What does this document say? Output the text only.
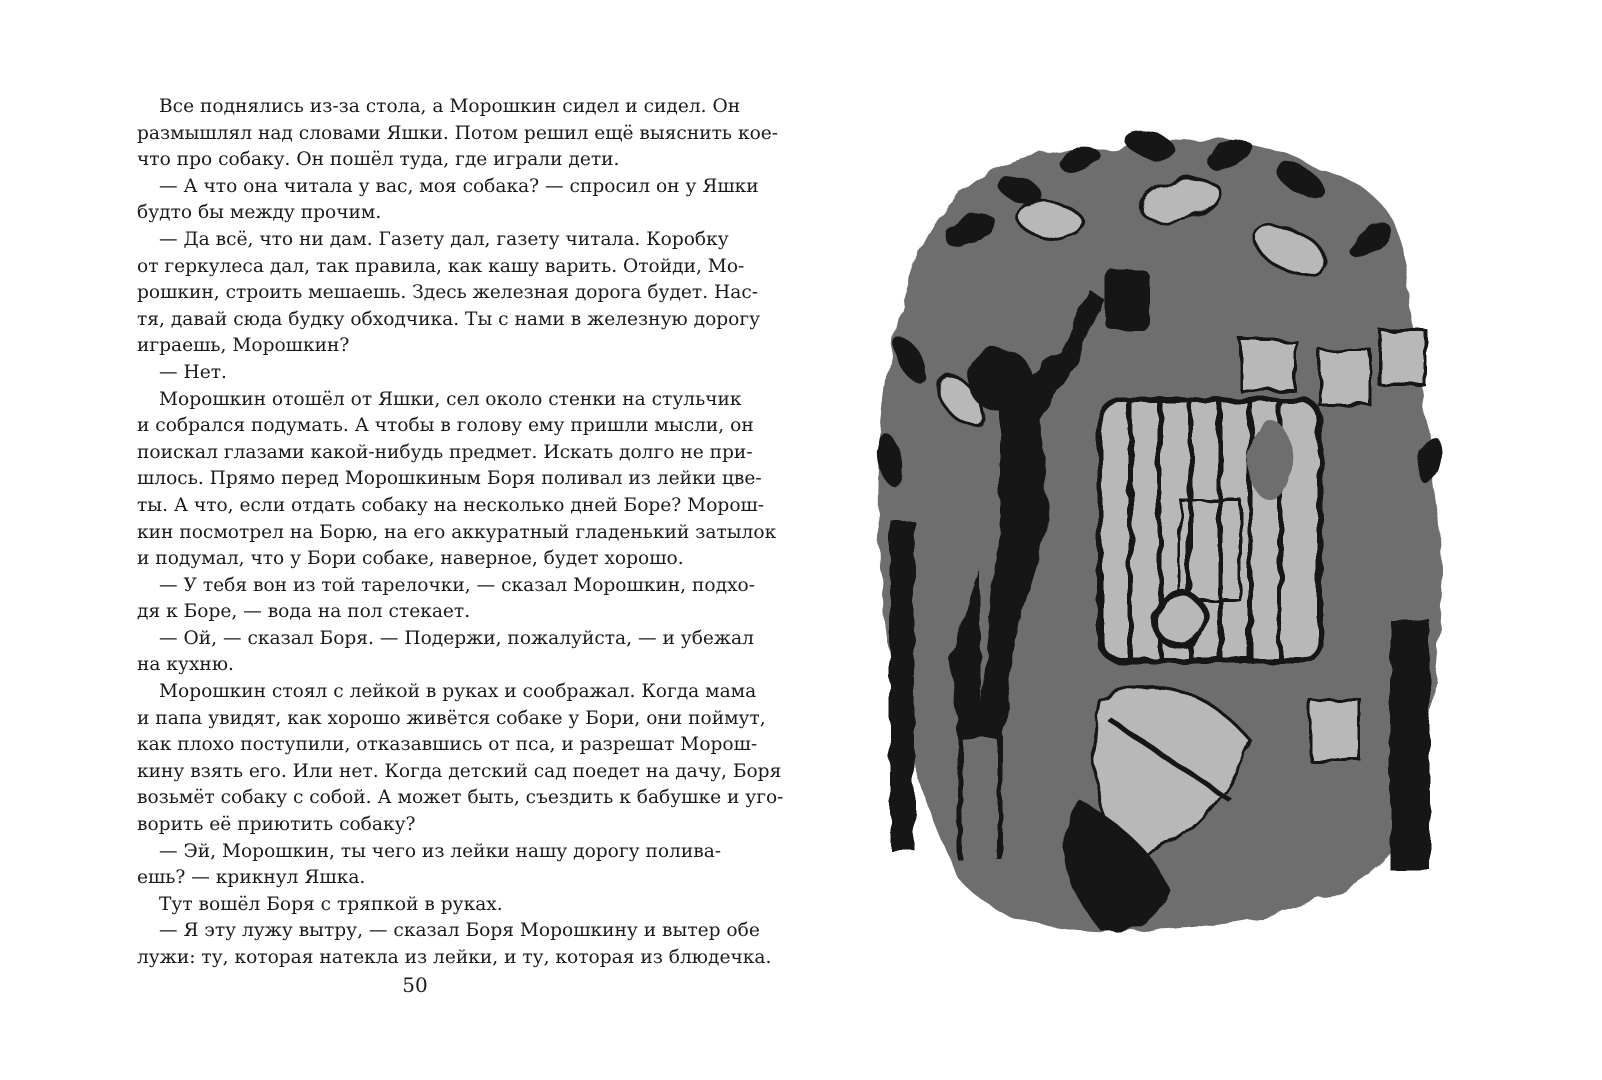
Все поднялись из-за стола, а Морошкин сидел и сидел. Он
размышлял над словами Яшки. Потом решил ещё выяснить кое-
что про собаку. Он пошёл туда, где играли дети.
— А что она читала у вас, моя собака? — спросил он у Яшки
будто бы между прочим.
— Да всё, что ни дам. Газету дал, газету читала. Коробку
от геркулеса дал, так правила, как кашу варить. Отойди, Мо-
рошкин, строить мешаешь. Здесь железная дорога будет. Нас-
тя, давай сюда будку обходчика. Ты с нами в железную дорогу
играешь, Морошкин?
— Нет.
Морошкин отошёл от Яшки, сел около стенки на стульчик
и собрался подумать. А чтобы в голову ему пришли мысли, он
поискал глазами какой-нибудь предмет. Искать долго не при-
шлось. Прямо перед Морошкиным Боря поливал из лейки цве-
ты. А что, если отдать собаку на несколько дней Боре? Морош-
кин посмотрел на Борю, на его аккуратный гладенький затылок
и подумал, что у Бори собаке, наверное, будет хорошо.
— У тебя вон из той тарелочки, — сказал Морошкин, подхо-
дя к Боре, — вода на пол стекает.
— Ой, — сказал Боря. — Подержи, пожалуйста, — и убежал
на кухню.
Морошкин стоял с лейкой в руках и соображал. Когда мама
и папа увидят, как хорошо живётся собаке у Бори, они поймут,
как плохо поступили, отказавшись от пса, и разрешат Морош-
кину взять его. Или нет. Когда детский сад поедет на дачу, Боря
возьмёт собаку с собой. А может быть, съездить к бабушке и уго-
ворить её приютить собаку?
— Эй, Морошкин, ты чего из лейки нашу дорогу полива-
ешь? — крикнул Яшка.
Тут вошёл Боря с тряпкой в руках.
— Я эту лужу вытру, — сказал Боря Морошкину и вытер обе
лужи: ту, которая натекла из лейки, и ту, которая из блюдечка.
50
